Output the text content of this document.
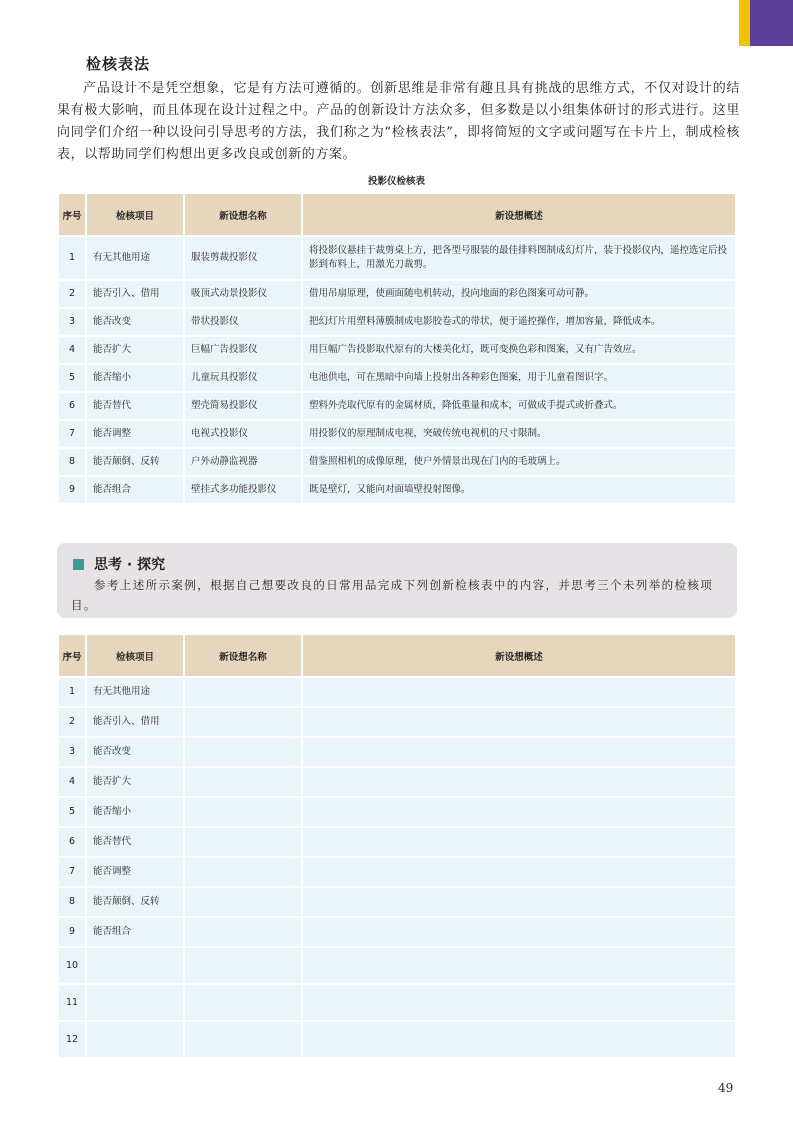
检核表法

产品设计不是凭空想象，它是有方法可遵循的。创新思维是非常有趣且具有挑战的思维方式，不仅对设计的结果有极大影响，而且体现在设计过程之中。产品的创新设计方法众多，但多数是以小组集体研讨的形式进行。这里向同学们介绍一种以设问引导思考的方法，我们称之为“检核表法”，即将简短的文字或问题写在卡片上，制成检核表，以帮助同学们构想出更多改良或创新的方案。

投影仪检核表
序号	检核项目	新设想名称	新设想概述
1	有无其他用途	服装剪裁投影仪	将投影仪悬挂于裁剪桌上方，把各型号服装的最佳排料图制成幻灯片，装于投影仪内，遥控选定后投影到布料上，用激光刀裁剪。
2	能否引入、借用	吸顶式动景投影仪	借用吊扇原理，使画面随电机转动，投向地面的彩色图案可动可静。
3	能否改变	带状投影仪	把幻灯片用塑料薄膜制成电影胶卷式的带状，便于遥控操作，增加容量，降低成本。
4	能否扩大	巨幅广告投影仪	用巨幅广告投影取代原有的大楼美化灯，既可变换色彩和图案，又有广告效应。
5	能否缩小	儿童玩具投影仪	电池供电，可在黑暗中向墙上投射出各种彩色图案，用于儿童看图识字。
6	能否替代	塑壳简易投影仪	塑料外壳取代原有的金属材质，降低重量和成本，可做成手提式或折叠式。
7	能否调整	电视式投影仪	用投影仪的原理制成电视，突破传统电视机的尺寸限制。
8	能否颠倒、反转	户外动静监视器	借鉴照相机的成像原理，使户外情景出现在门内的毛玻璃上。
9	能否组合	壁挂式多功能投影仪	既是壁灯，又能向对面墙壁投射图像。
思考 · 探究

参考上述所示案例，根据自己想要改良的日常用品完成下列创新检核表中的内容，并思考三个未列举的检核项目。

序号	检核项目	新设想名称	新设想概述
1	有无其他用途		
2	能否引入、借用		
3	能否改变		
4	能否扩大		
5	能否缩小		
6	能否替代		
7	能否调整		
8	能否颠倒、反转		
9	能否组合		
10			
11			
12			
49
